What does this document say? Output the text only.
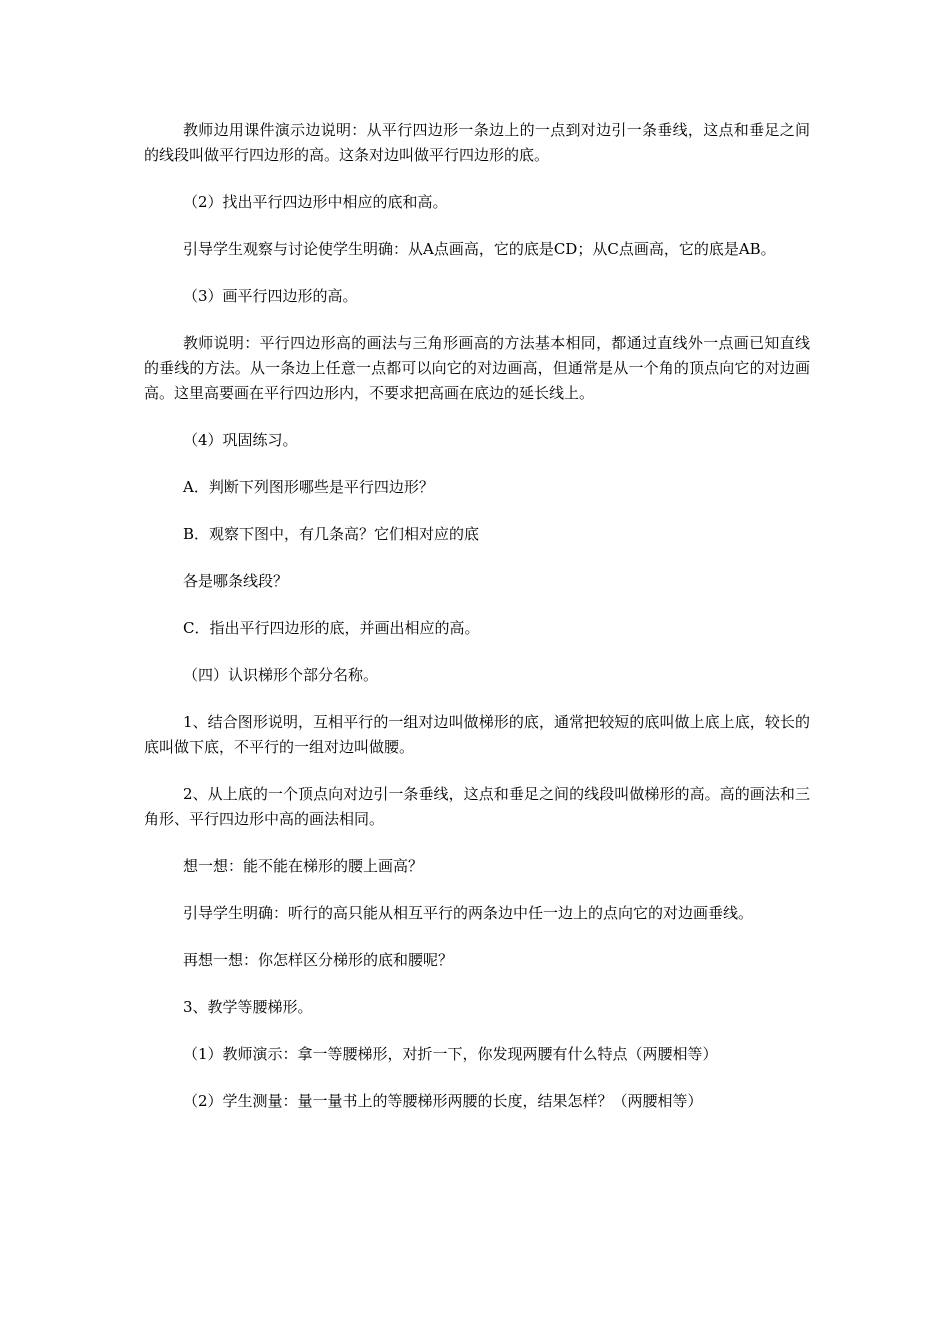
教师边用课件演示边说明：从平行四边形一条边上的一点到对边引一条垂线，这点和垂足之间的线段叫做平行四边形的高。这条对边叫做平行四边形的底。

（2）找出平行四边形中相应的底和高。

引导学生观察与讨论使学生明确：从A点画高，它的底是CD；从C点画高，它的底是AB。

（3）画平行四边形的高。

教师说明：平行四边形高的画法与三角形画高的方法基本相同，都通过直线外一点画已知直线的垂线的方法。从一条边上任意一点都可以向它的对边画高，但通常是从一个角的顶点向它的对边画高。这里高要画在平行四边形内，不要求把高画在底边的延长线上。

（4）巩固练习。

A．判断下列图形哪些是平行四边形？

B．观察下图中，有几条高？它们相对应的底

各是哪条线段？

C．指出平行四边形的底，并画出相应的高。

（四）认识梯形个部分名称。

1、结合图形说明，互相平行的一组对边叫做梯形的底，通常把较短的底叫做上底上底，较长的底叫做下底，不平行的一组对边叫做腰。

2、从上底的一个顶点向对边引一条垂线，这点和垂足之间的线段叫做梯形的高。高的画法和三角形、平行四边形中高的画法相同。

想一想：能不能在梯形的腰上画高？

引导学生明确：听行的高只能从相互平行的两条边中任一边上的点向它的对边画垂线。

再想一想：你怎样区分梯形的底和腰呢？

3、教学等腰梯形。

（1）教师演示：拿一等腰梯形，对折一下，你发现两腰有什么特点（两腰相等）

（2）学生测量：量一量书上的等腰梯形两腰的长度，结果怎样？（两腰相等）
